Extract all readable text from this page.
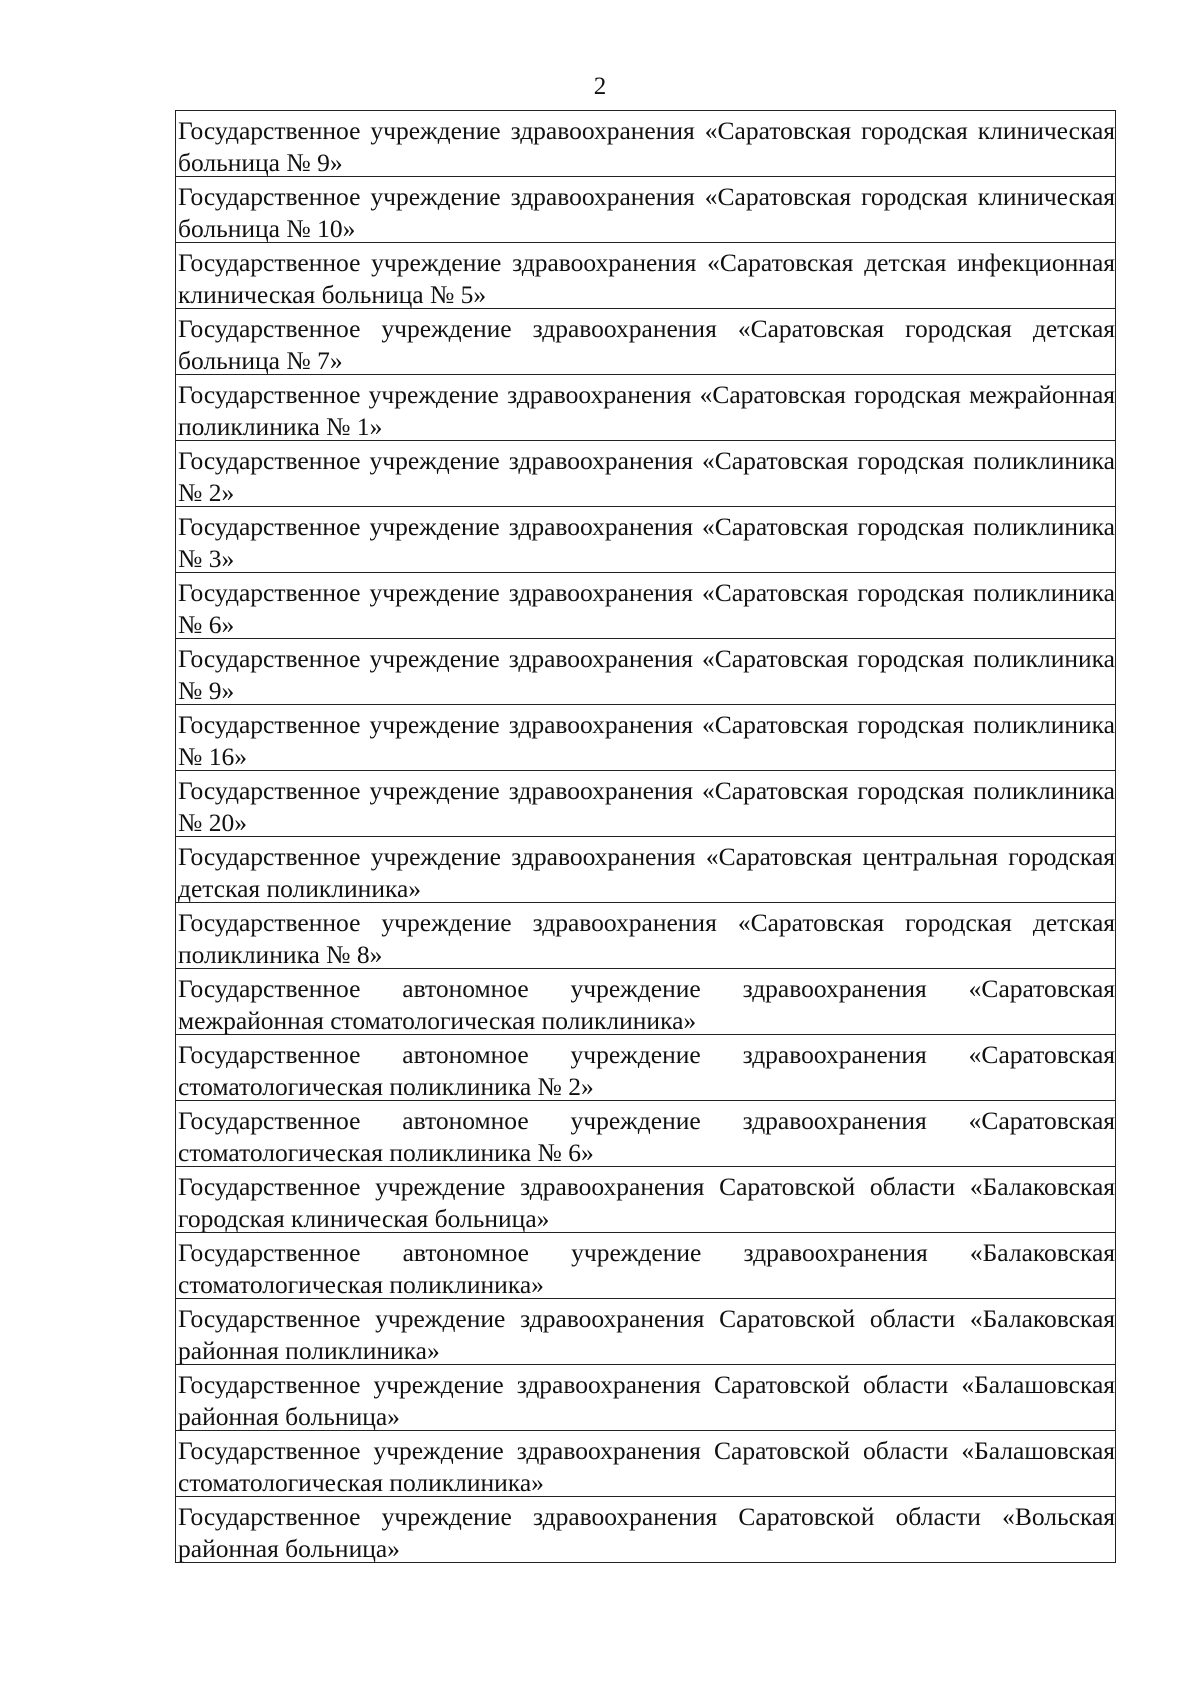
2
Государственное учреждение здравоохранения «Саратовская городская клиническая больница № 9»
Государственное учреждение здравоохранения «Саратовская городская клиническая больница № 10»
Государственное учреждение здравоохранения «Саратовская детская инфекционная клиническая больница № 5»
Государственное учреждение здравоохранения «Саратовская городская детская больница № 7»
Государственное учреждение здравоохранения «Саратовская городская межрайонная поликлиника № 1»
Государственное учреждение здравоохранения «Саратовская городская поликлиника № 2»
Государственное учреждение здравоохранения «Саратовская городская поликлиника № 3»
Государственное учреждение здравоохранения «Саратовская городская поликлиника № 6»
Государственное учреждение здравоохранения «Саратовская городская поликлиника № 9»
Государственное учреждение здравоохранения «Саратовская городская поликлиника № 16»
Государственное учреждение здравоохранения «Саратовская городская поликлиника № 20»
Государственное учреждение здравоохранения «Саратовская центральная городская детская поликлиника»
Государственное учреждение здравоохранения «Саратовская городская детская поликлиника № 8»
Государственное автономное учреждение здравоохранения «Саратовская межрайонная стоматологическая поликлиника»
Государственное автономное учреждение здравоохранения «Саратовская стоматологическая поликлиника № 2»
Государственное автономное учреждение здравоохранения «Саратовская стоматологическая поликлиника № 6»
Государственное учреждение здравоохранения Саратовской области «Балаковская городская клиническая больница»
Государственное автономное учреждение здравоохранения «Балаковская стоматологическая поликлиника»
Государственное учреждение здравоохранения Саратовской области «Балаковская районная поликлиника»
Государственное учреждение здравоохранения Саратовской области «Балашовская районная больница»
Государственное учреждение здравоохранения Саратовской области «Балашовская стоматологическая поликлиника»
Государственное учреждение здравоохранения Саратовской области «Вольская районная больница»
